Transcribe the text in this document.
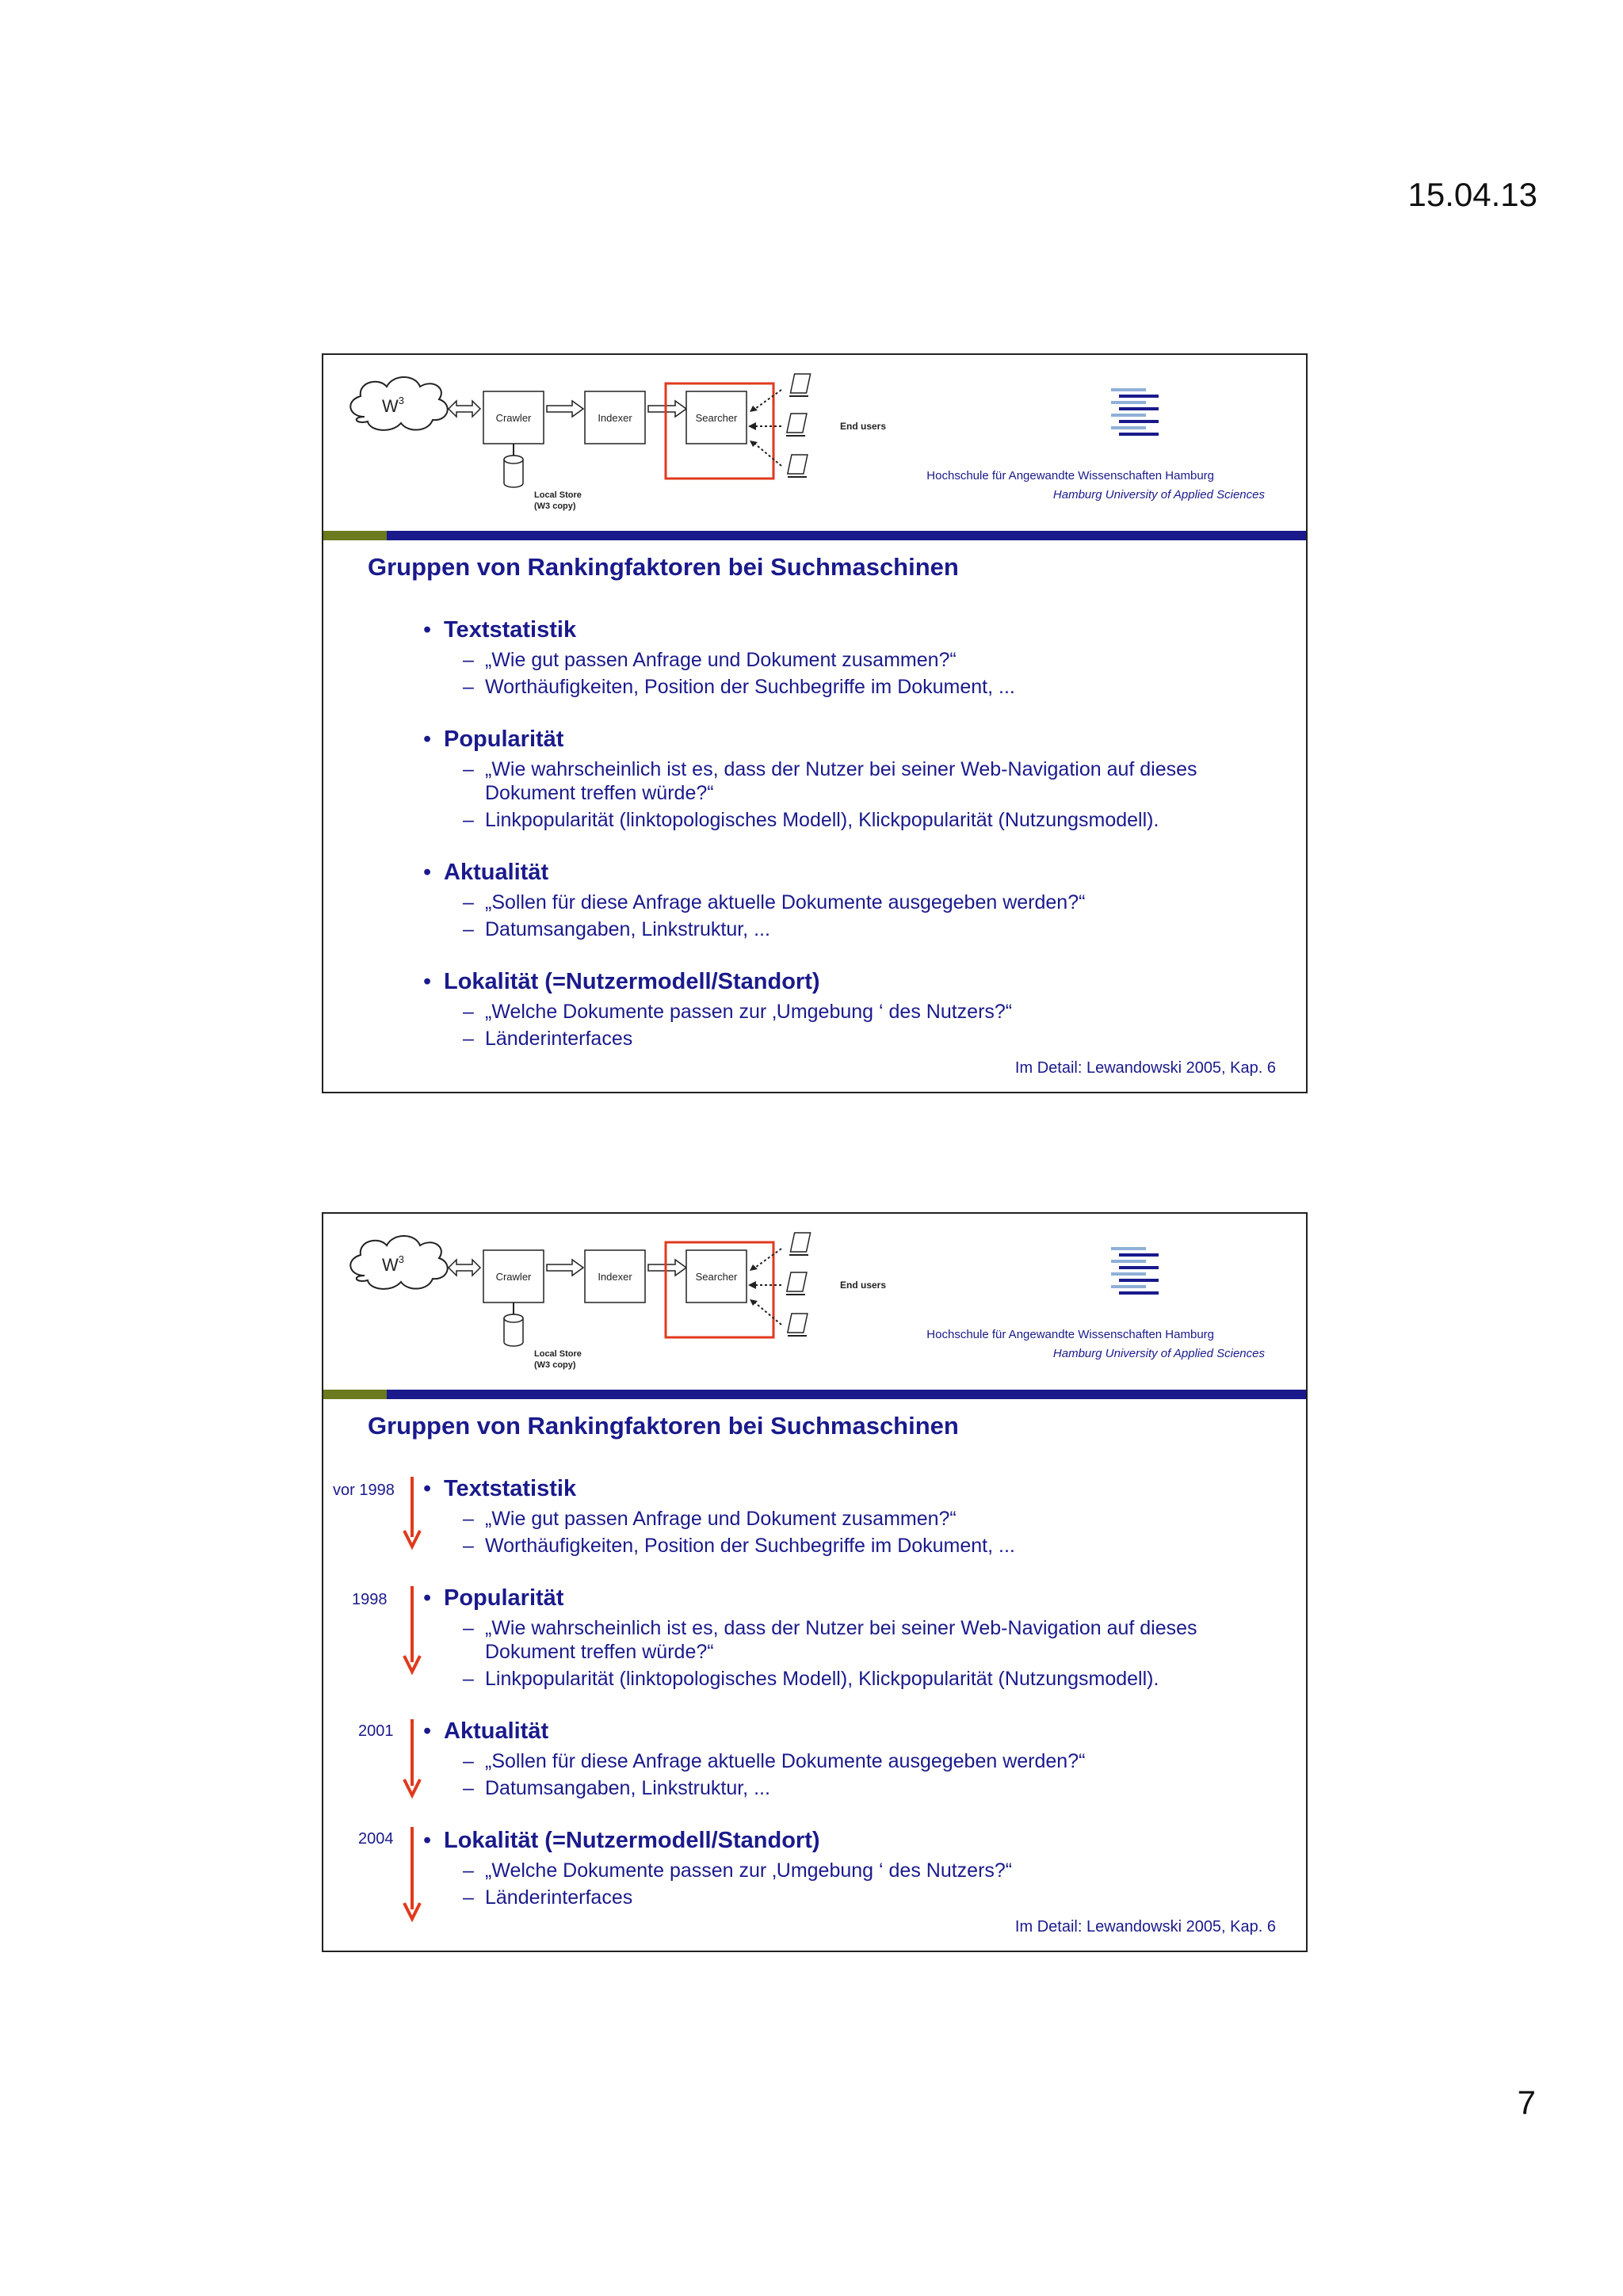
15.04.13
$W^3$
Crawler	Indexer	Searcher
Local Store
(W3 copy)
End users
Hochschule für Angewandte Wissenschaften Hamburg
Hamburg University of Applied Sciences
Gruppen von Rankingfaktoren bei Suchmaschinen
• Textstatistik
– „Wie gut passen Anfrage und Dokument zusammen?“
– Worthäufigkeiten, Position der Suchbegriffe im Dokument, ...
• Popularität
– „Wie wahrscheinlich ist es, dass der Nutzer bei seiner Web-Navigation auf dieses Dokument treffen würde?“
– Linkpopularität (linktopologisches Modell), Klickpopularität (Nutzungsmodell).
• Aktualität
– „Sollen für diese Anfrage aktuelle Dokumente ausgegeben werden?“
– Datumsangaben, Linkstruktur, ...
• Lokalität (=Nutzermodell/Standort)
– „Welche Dokumente passen zur ‚Umgebung ‘ des Nutzers?“
– Länderinterfaces
Im Detail: Lewandowski 2005, Kap. 6
$W^3$
Crawler	Indexer	Searcher
Local Store
(W3 copy)
End users
Hochschule für Angewandte Wissenschaften Hamburg
Hamburg University of Applied Sciences
Gruppen von Rankingfaktoren bei Suchmaschinen
vor 1998
1998
2001
2004
• Textstatistik
– „Wie gut passen Anfrage und Dokument zusammen?“
– Worthäufigkeiten, Position der Suchbegriffe im Dokument, ...
• Popularität
– „Wie wahrscheinlich ist es, dass der Nutzer bei seiner Web-Navigation auf dieses Dokument treffen würde?“
– Linkpopularität (linktopologisches Modell), Klickpopularität (Nutzungsmodell).
• Aktualität
– „Sollen für diese Anfrage aktuelle Dokumente ausgegeben werden?“
– Datumsangaben, Linkstruktur, ...
• Lokalität (=Nutzermodell/Standort)
– „Welche Dokumente passen zur ‚Umgebung ‘ des Nutzers?“
– Länderinterfaces
Im Detail: Lewandowski 2005, Kap. 6
7
